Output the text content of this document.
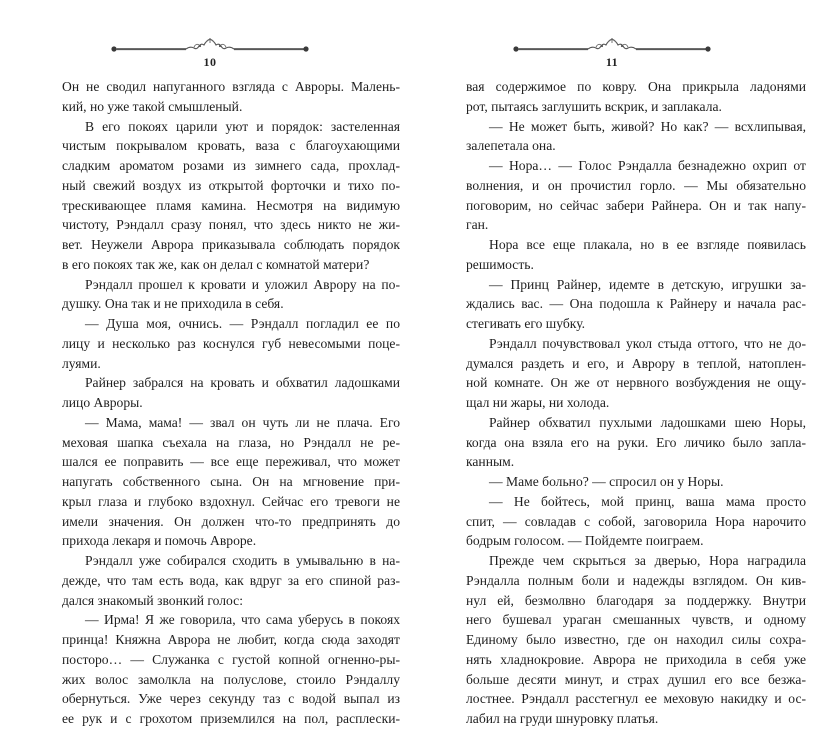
10
Он не сводил напуганного взгляда с Авроры. Малень-
кий, но уже такой смышленый.
В его покоях царили уют и порядок: застеленная
чистым покрывалом кровать, ваза с благоухающими
сладким ароматом розами из зимнего сада, прохлад-
ный свежий воздух из открытой форточки и тихо по-
трескивающее пламя камина. Несмотря на видимую
чистоту, Рэндалл сразу понял, что здесь никто не жи-
вет. Неужели Аврора приказывала соблюдать порядок
в его покоях так же, как он делал с комнатой матери?
Рэндалл прошел к кровати и уложил Аврору на по-
душку. Она так и не приходила в себя.
— Душа моя, очнись. — Рэндалл погладил ее по
лицу и несколько раз коснулся губ невесомыми поце-
луями.
Райнер забрался на кровать и обхватил ладошками
лицо Авроры.
— Мама, мама! — звал он чуть ли не плача. Его
меховая шапка съехала на глаза, но Рэндалл не ре-
шался ее поправить — все еще переживал, что может
напугать собственного сына. Он на мгновение при-
крыл глаза и глубоко вздохнул. Сейчас его тревоги не
имели значения. Он должен что-то предпринять до
прихода лекаря и помочь Авроре.
Рэндалл уже собирался сходить в умывальню в на-
дежде, что там есть вода, как вдруг за его спиной раз-
дался знакомый звонкий голос:
— Ирма! Я же говорила, что сама уберусь в покоях
принца! Княжна Аврора не любит, когда сюда заходят
посторо… — Служанка с густой копной огненно-ры-
жих волос замолкла на полуслове, стоило Рэндаллу
обернуться. Уже через секунду таз с водой выпал из
ее рук и с грохотом приземлился на пол, расплески-
11
вая содержимое по ковру. Она прикрыла ладонями
рот, пытаясь заглушить вскрик, и заплакала.
— Не может быть, живой? Но как? — всхлипывая,
залепетала она.
— Нора… — Голос Рэндалла безнадежно охрип от
волнения, и он прочистил горло. — Мы обязательно
поговорим, но сейчас забери Райнера. Он и так напу-
ган.
Нора все еще плакала, но в ее взгляде появилась
решимость.
— Принц Райнер, идемте в детскую, игрушки за-
ждались вас. — Она подошла к Райнеру и начала рас-
стегивать его шубку.
Рэндалл почувствовал укол стыда оттого, что не до-
думался раздеть и его, и Аврору в теплой, натоплен-
ной комнате. Он же от нервного возбуждения не ощу-
щал ни жары, ни холода.
Райнер обхватил пухлыми ладошками шею Норы,
когда она взяла его на руки. Его личико было запла-
канным.
— Маме больно? — спросил он у Норы.
— Не бойтесь, мой принц, ваша мама просто
спит, — совладав с собой, заговорила Нора нарочито
бодрым голосом. — Пойдемте поиграем.
Прежде чем скрыться за дверью, Нора наградила
Рэндалла полным боли и надежды взглядом. Он кив-
нул ей, безмолвно благодаря за поддержку. Внутри
него бушевал ураган смешанных чувств, и одному
Единому было известно, где он находил силы сохра-
нять хладнокровие. Аврора не приходила в себя уже
больше десяти минут, и страх душил его все безжа-
лостнее. Рэндалл расстегнул ее меховую накидку и ос-
лабил на груди шнуровку платья.
